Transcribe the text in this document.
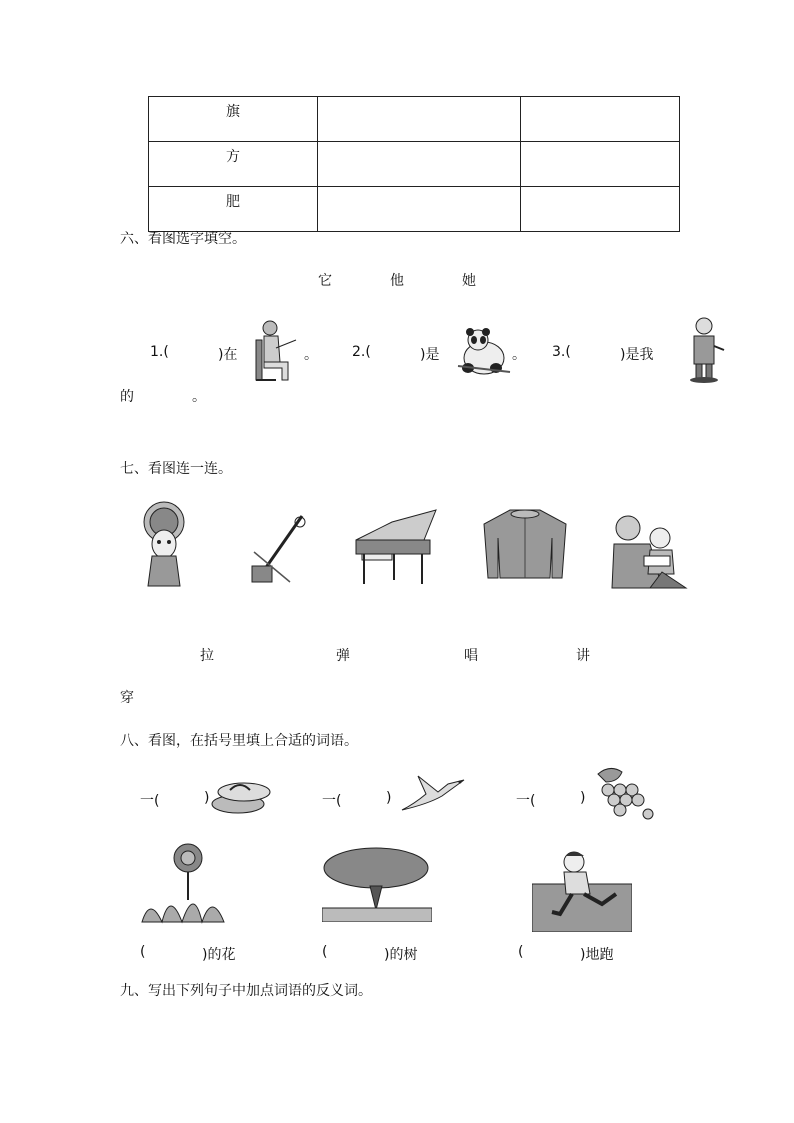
旗		
方		
肥		
六、看图选字填空。
它	他	她
1.(	)在	。 2.(	)是	。 3.(	)是我
的	。
七、看图连一连。
拉	弹	唱	讲
穿
八、看图，在括号里填上合适的词语。
一(	)	一(	)	一(	)
(	)的花	(	)的树	(	)地跑
九、写出下列句子中加点词语的反义词。
